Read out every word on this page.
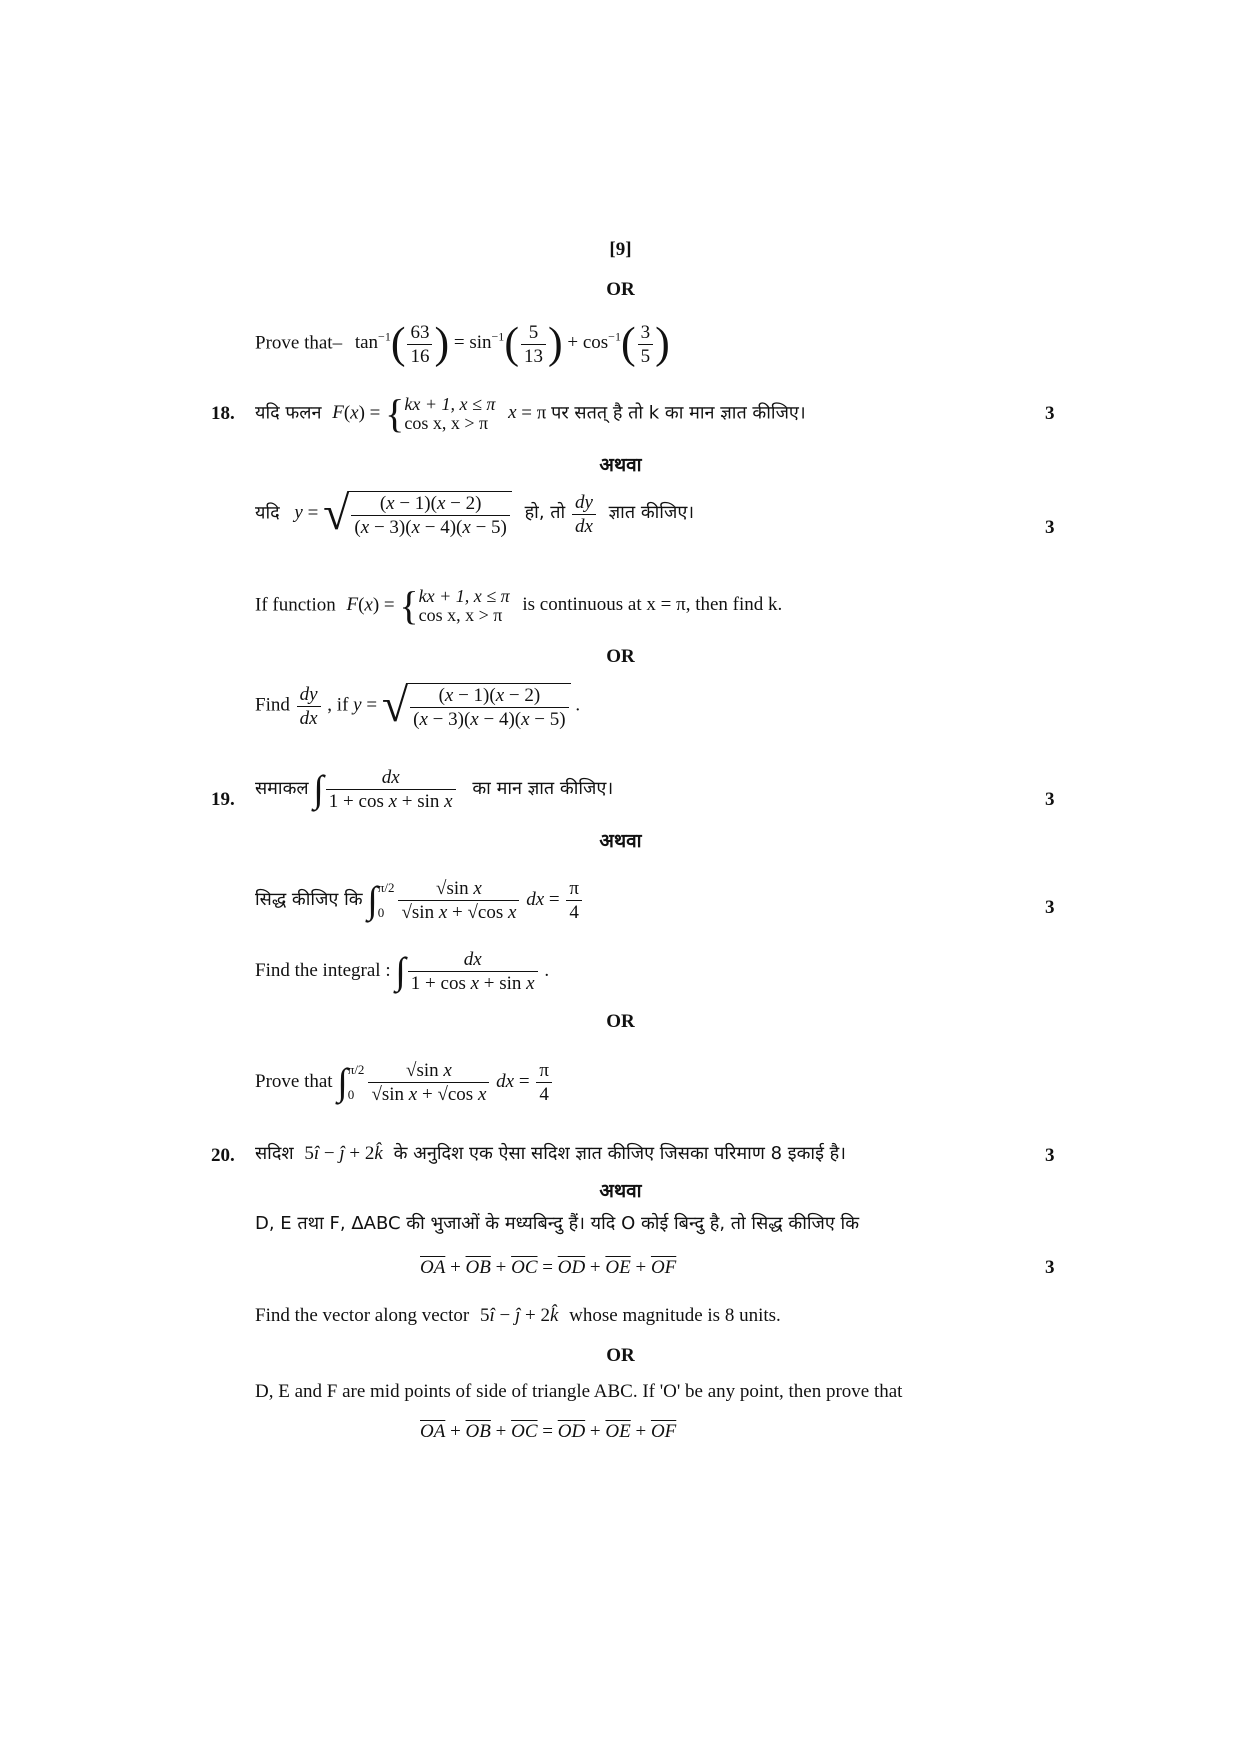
[9]
OR
Prove that– $\tan^{-1}( \frac{63}{16}$ ) = $\sin^{-1}( \frac{5}{13}$ ) + $\cos^{-1}( \frac{3}{5}$ )
18. यदि फलन F(x) = {kx + 1, x ≤ π
cos x, x > π x = π पर सतत् है तो k का मान ज्ञात कीजिए।	3
अथवा
यदि y = √ $\frac{(x - 1)(x - 2)}{(x - 3)(x - 4)(x - 5)}$ हो, तो $\frac{dy}{dx}$ ज्ञात कीजिए।
3
If function F(x) = {kx + 1, x ≤ π
cos x, x > π is continuous at x = π, then find k.
OR
Find $\frac{dy}{dx}$ , if y = √ $\frac{(x - 1)(x - 2)}{(x - 3)(x - 4)(x - 5)}$ .
19.
समाकल ∫ $\frac{dx}{\text{1 + cos x + sin x}}$ का मान ज्ञात कीजिए।
3
अथवा
सिद्ध कीजिए कि ∫π/2
$0 \frac{\text{√sin x}}{\text{√sin x + √cos x}}$ dx = $\frac{\pi}{4}$	3
Find the integral : ∫ $\frac{dx}{\text{1 + cos x + sin x}}$ .
OR
Prove that ∫π/2
$0 \frac{\text{√sin x}}{\text{√sin x + √cos x}}$ dx = $\frac{\pi}{4}$
20. सदिश 5î − ĵ + 2k̂ के अनुदिश एक ऐसा सदिश ज्ञात कीजिए जिसका परिमाण 8 इकाई है।	3
अथवा
D, E तथा F, ΔABC की भुजाओं के मध्यबिन्दु हैं। यदि O कोई बिन्दु है, तो सिद्ध कीजिए कि
$\overline{OA} + \overline{OB} + \overline{OC} = \overline{OD} + \overline{OE} + \overline{OF}$	3
Find the vector along vector 5î − ĵ + 2k̂ whose magnitude is 8 units.
OR
D, E and F are mid points of side of triangle ABC. If 'O' be any point, then prove that
$\overline{OA} + \overline{OB} + \overline{OC} = \overline{OD} + \overline{OE} + \overline{OF}$
